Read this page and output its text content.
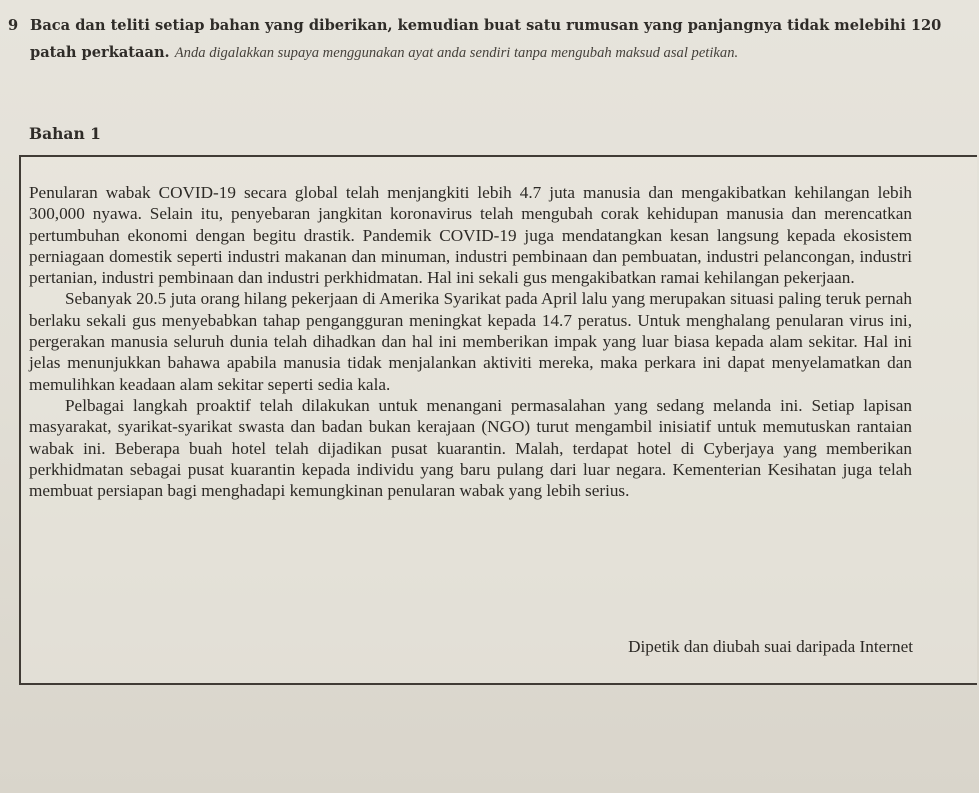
9 Baca dan teliti setiap bahan yang diberikan, kemudian buat satu rumusan yang panjangnya tidak melebihi 120 patah perkataan. Anda digalakkan supaya menggunakan ayat anda sendiri tanpa mengubah maksud asal petikan.
Bahan 1

Penularan wabak COVID-19 secara global telah menjangkiti lebih 4.7 juta manusia dan mengakibatkan kehilangan lebih 300,000 nyawa. Selain itu, penyebaran jangkitan koronavirus telah mengubah corak kehidupan manusia dan merencatkan pertumbuhan ekonomi dengan begitu drastik. Pandemik COVID-19 juga mendatangkan kesan langsung kepada ekosistem perniagaan domestik seperti industri makanan dan minuman, industri pembinaan dan pembuatan, industri pelancongan, industri pertanian, industri pembinaan dan industri perkhidmatan. Hal ini sekali gus mengakibatkan ramai kehilangan pekerjaan.

Sebanyak 20.5 juta orang hilang pekerjaan di Amerika Syarikat pada April lalu yang merupakan situasi paling teruk pernah berlaku sekali gus menyebabkan tahap pengangguran meningkat kepada 14.7 peratus. Untuk menghalang penularan virus ini, pergerakan manusia seluruh dunia telah dihadkan dan hal ini memberikan impak yang luar biasa kepada alam sekitar. Hal ini jelas menunjukkan bahawa apabila manusia tidak menjalankan aktiviti mereka, maka perkara ini dapat menyelamatkan dan memulihkan keadaan alam sekitar seperti sedia kala.

Pelbagai langkah proaktif telah dilakukan untuk menangani permasalahan yang sedang melanda ini. Setiap lapisan masyarakat, syarikat-syarikat swasta dan badan bukan kerajaan (NGO) turut mengambil inisiatif untuk memutuskan rantaian wabak ini. Beberapa buah hotel telah dijadikan pusat kuarantin. Malah, terdapat hotel di Cyberjaya yang memberikan perkhidmatan sebagai pusat kuarantin kepada individu yang baru pulang dari luar negara. Kementerian Kesihatan juga telah membuat persiapan bagi menghadapi kemungkinan penularan wabak yang lebih serius.

Dipetik dan diubah suai daripada Internet
